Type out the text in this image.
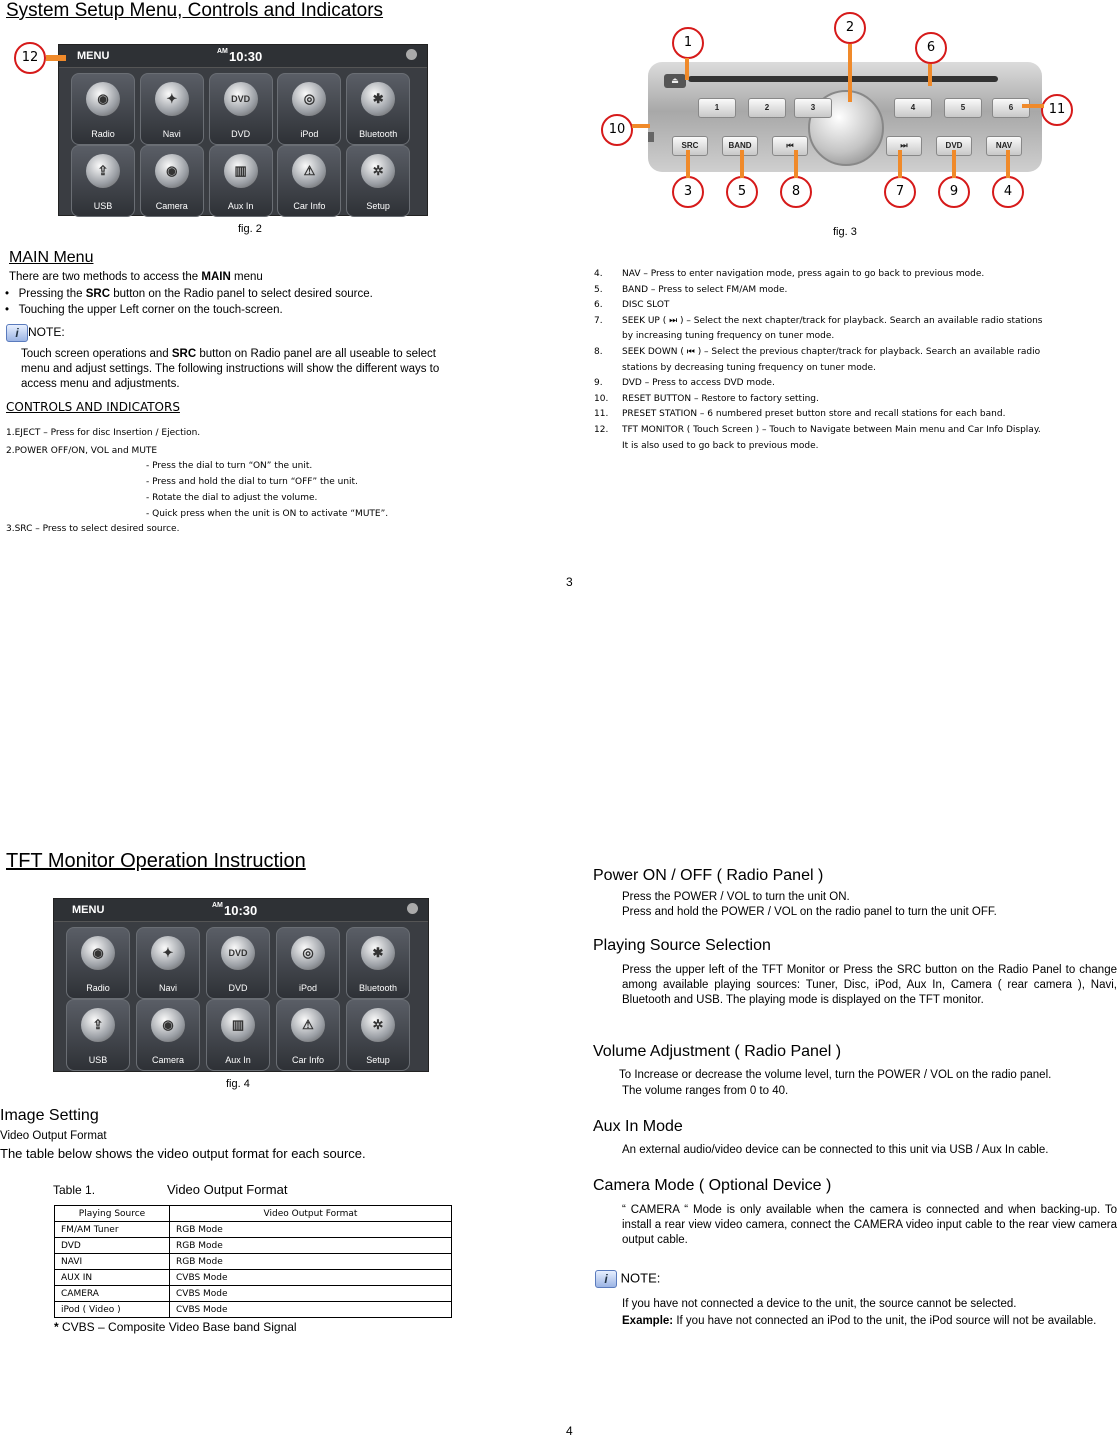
System Setup Menu, Controls and Indicators
MENU	AM 10:30
◉
Radio
✦
Navi
DVD
DVD
◎
iPod
✱
Bluetooth
⇪
USB
◉
Camera
▥
Aux In
⚠
Car Info
✲
Setup
12
fig. 2
MAIN Menu
There are two methods to access the MAIN menu
•   Pressing the SRC button on the Radio panel to select desired source.
•   Touching the upper Left corner on the touch-screen.
i NOTE:
Touch screen operations and SRC button on Radio panel are all useable to select
menu and adjust settings. The following instructions will show the different ways to
access menu and adjustments.
CONTROLS AND INDICATORS
1.EJECT – Press for disc Insertion / Ejection.
2.POWER OFF/ON, VOL and MUTE
- Press the dial to turn “ON” the unit.
- Press and hold the dial to turn “OFF” the unit.
- Rotate the dial to adjust the volume.
- Quick press when the unit is ON to activate “MUTE”.
3.SRC – Press to select desired source.
⏏
1	2	3	4	5	6
SRC	BAND	⏮	⏭	DVD	NAV
1
2
6
11
10
3	5	8	7	9	4
fig. 3
4. NAV – Press to enter navigation mode, press again to go back to previous mode.
5. BAND – Press to select FM/AM mode.
6. DISC SLOT
7. SEEK UP ( ⏭ ) – Select the next chapter/track for playback. Search an available radio stations
by increasing tuning frequency on tuner mode.
8. SEEK DOWN ( ⏮ ) – Select the previous chapter/track for playback. Search an available radio
stations by decreasing tuning frequency on tuner mode.
9. DVD – Press to access DVD mode.
10. RESET BUTTON – Restore to factory setting.
11. PRESET STATION – 6 numbered preset button store and recall stations for each band.
12. TFT MONITOR ( Touch Screen ) – Touch to Navigate between Main menu and Car Info Display.
It is also used to go back to previous mode.
3
TFT Monitor Operation Instruction
MENU	AM 10:30
◉
Radio
✦
Navi
DVD
DVD
◎
iPod
✱
Bluetooth
⇪
USB
◉
Camera
▥
Aux In
⚠
Car Info
✲
Setup
fig. 4
Image Setting
Video Output Format
The table below shows the video output format for each source.
Table 1.	Video Output Format
Playing Source	Video Output Format
FM/AM Tuner	RGB Mode
DVD	RGB Mode
NAVI	RGB Mode
AUX IN	CVBS Mode
CAMERA	CVBS Mode
iPod ( Video )	CVBS Mode
* CVBS – Composite Video Base band Signal
Power ON / OFF ( Radio Panel )
Press the POWER / VOL to turn the unit ON.
Press and hold the POWER / VOL on the radio panel to turn the unit OFF.
Playing Source Selection
Press the upper left of the TFT Monitor or Press the SRC button on the Radio Panel to change among available playing sources: Tuner, Disc, iPod, Aux In, Camera ( rear camera ), Navi, Bluetooth and USB. The playing mode is displayed on the TFT monitor.
Volume Adjustment ( Radio Panel )
To Increase or decrease the volume level, turn the POWER / VOL on the radio panel.
The volume ranges from 0 to 40.
Aux In Mode
An external audio/video device can be connected to this unit via USB / Aux In cable.
Camera Mode ( Optional Device )
“ CAMERA “ Mode is only available when the camera is connected and when backing-up. To install a rear view video camera, connect the CAMERA video input cable to the rear view camera output cable.
i NOTE:
If you have not connected a device to the unit, the source cannot be selected.
Example: If you have not connected an iPod to the unit, the iPod source will not be available.
4
